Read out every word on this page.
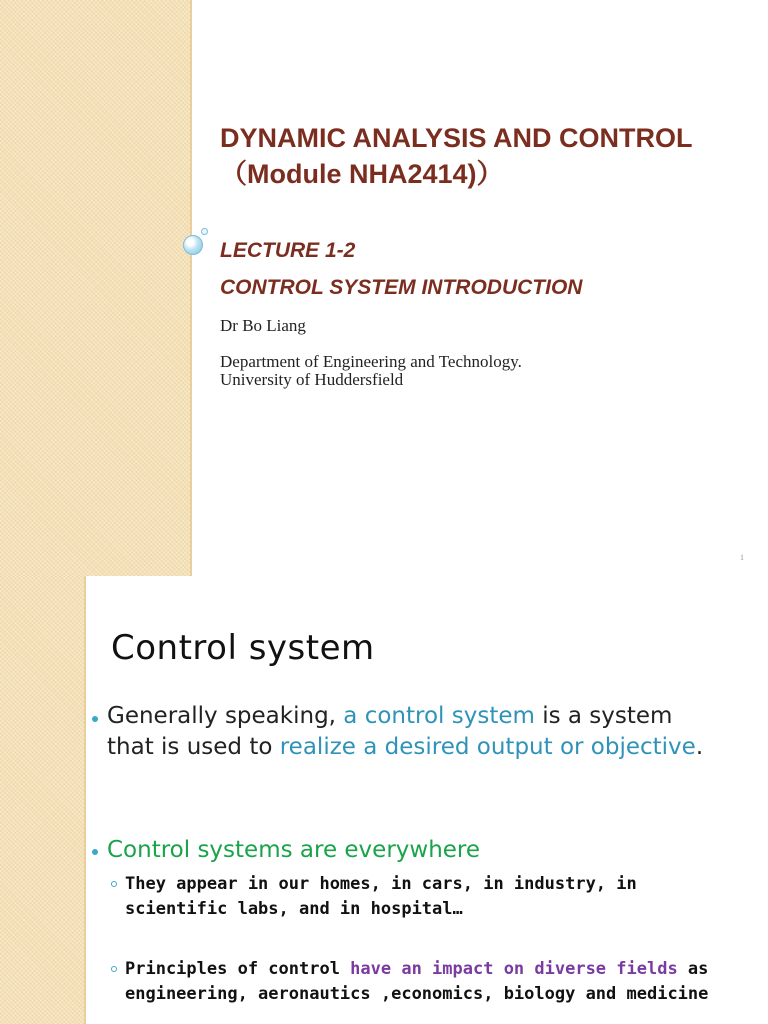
DYNAMIC ANALYSIS AND CONTROL
（Module NHA2414)）
LECTURE 1-2
CONTROL SYSTEM INTRODUCTION
Dr Bo Liang
Department of Engineering and Technology.
University of Huddersfield
1
Control system
Generally speaking, a control system is a system that is used to realize a desired output or objective.
Control systems are everywhere
They appear in our homes, in cars, in industry, in scientific labs, and in hospital…
Principles of control have an impact on diverse fields as engineering, aeronautics ,economics, biology and medicine
